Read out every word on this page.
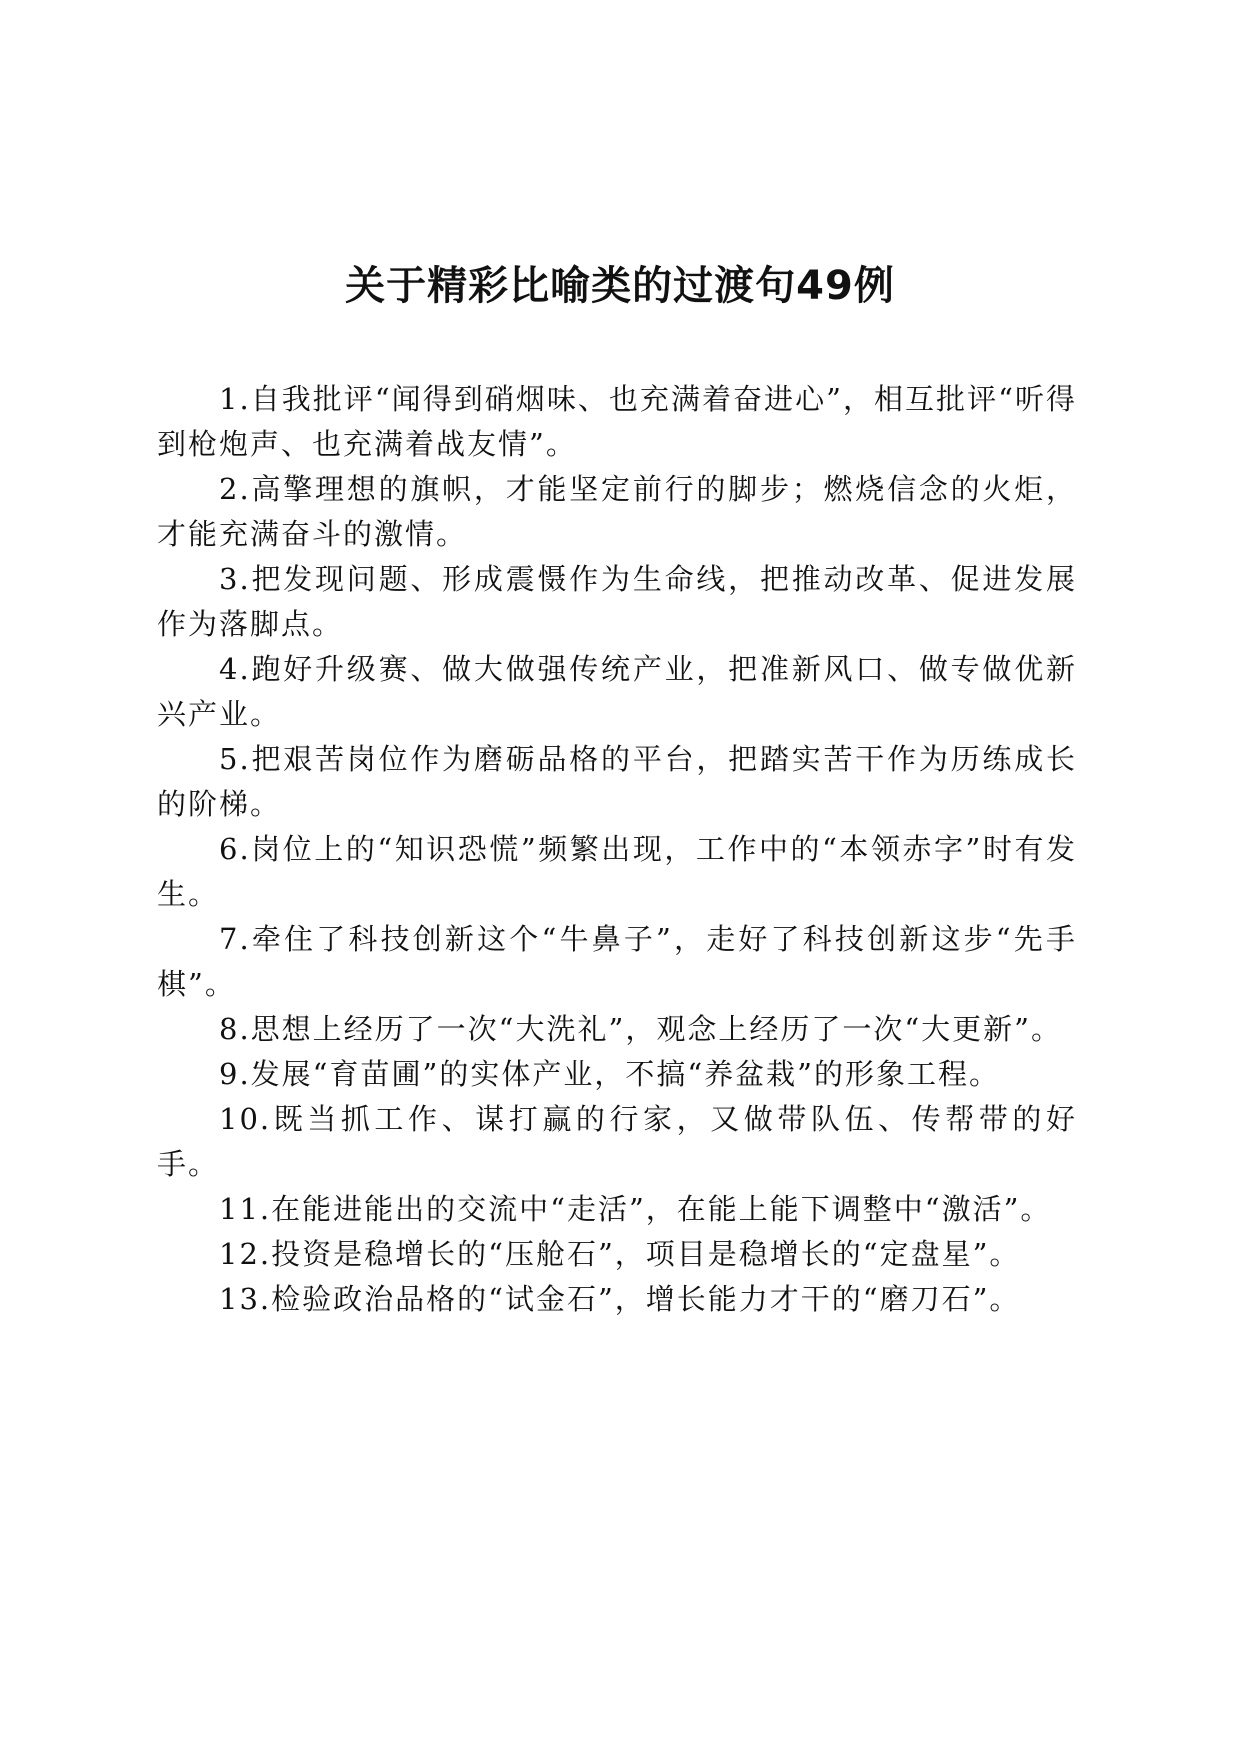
关于精彩比喻类的过渡句49例

1.自我批评“闻得到硝烟味、也充满着奋进心”，相互批评“听得到枪炮声、也充满着战友情”。

2.高擎理想的旗帜，才能坚定前行的脚步；燃烧信念的火炬，才能充满奋斗的激情。

3.把发现问题、形成震慑作为生命线，把推动改革、促进发展作为落脚点。

4.跑好升级赛、做大做强传统产业，把准新风口、做专做优新兴产业。

5.把艰苦岗位作为磨砺品格的平台，把踏实苦干作为历练成长的阶梯。

6.岗位上的“知识恐慌”频繁出现，工作中的“本领赤字”时有发生。

7.牵住了科技创新这个“牛鼻子”，走好了科技创新这步“先手棋”。

8.思想上经历了一次“大洗礼”，观念上经历了一次“大更新”。

9.发展“育苗圃”的实体产业，不搞“养盆栽”的形象工程。

10.既当抓工作、谋打赢的行家，又做带队伍、传帮带的好手。

11.在能进能出的交流中“走活”，在能上能下调整中“激活”。

12.投资是稳增长的“压舱石”，项目是稳增长的“定盘星”。

13.检验政治品格的“试金石”，增长能力才干的“磨刀石”。
